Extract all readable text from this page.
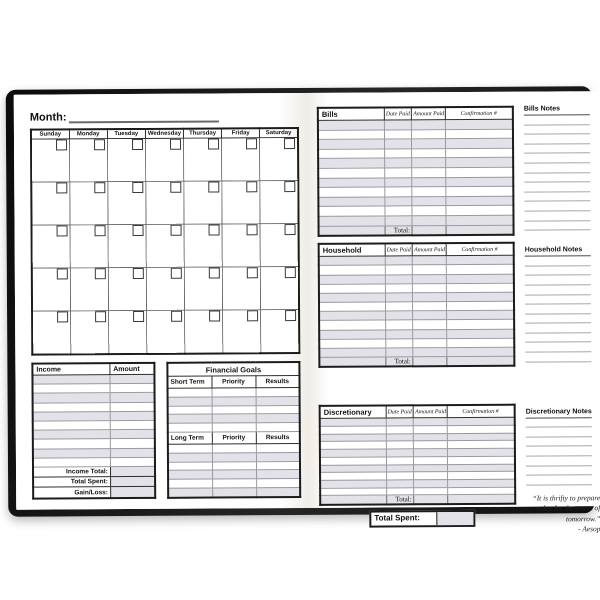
Month:
Sunday	Monday	Tuesday	Wednesday	Thursday	Friday	Saturday

Income	Amount

Income Total:	
Total Spent:	
Gain/Loss:	
Financial Goals		
Short Term	Priority	Results

Long Term	Priority	Results

Bills	Date Paid	Amount Paid	Confirmation #

	Total:		
Household	Date Paid	Amount Paid	Confirmation #

	Total:		
Discretionary	Date Paid	Amount Paid	Confirmation #

	Total:		
Total Spent:
Bills Notes
Household Notes
Discretionary Notes
“It is thrifty to prepare today for the wants of tomorrow.”
- Aesop
